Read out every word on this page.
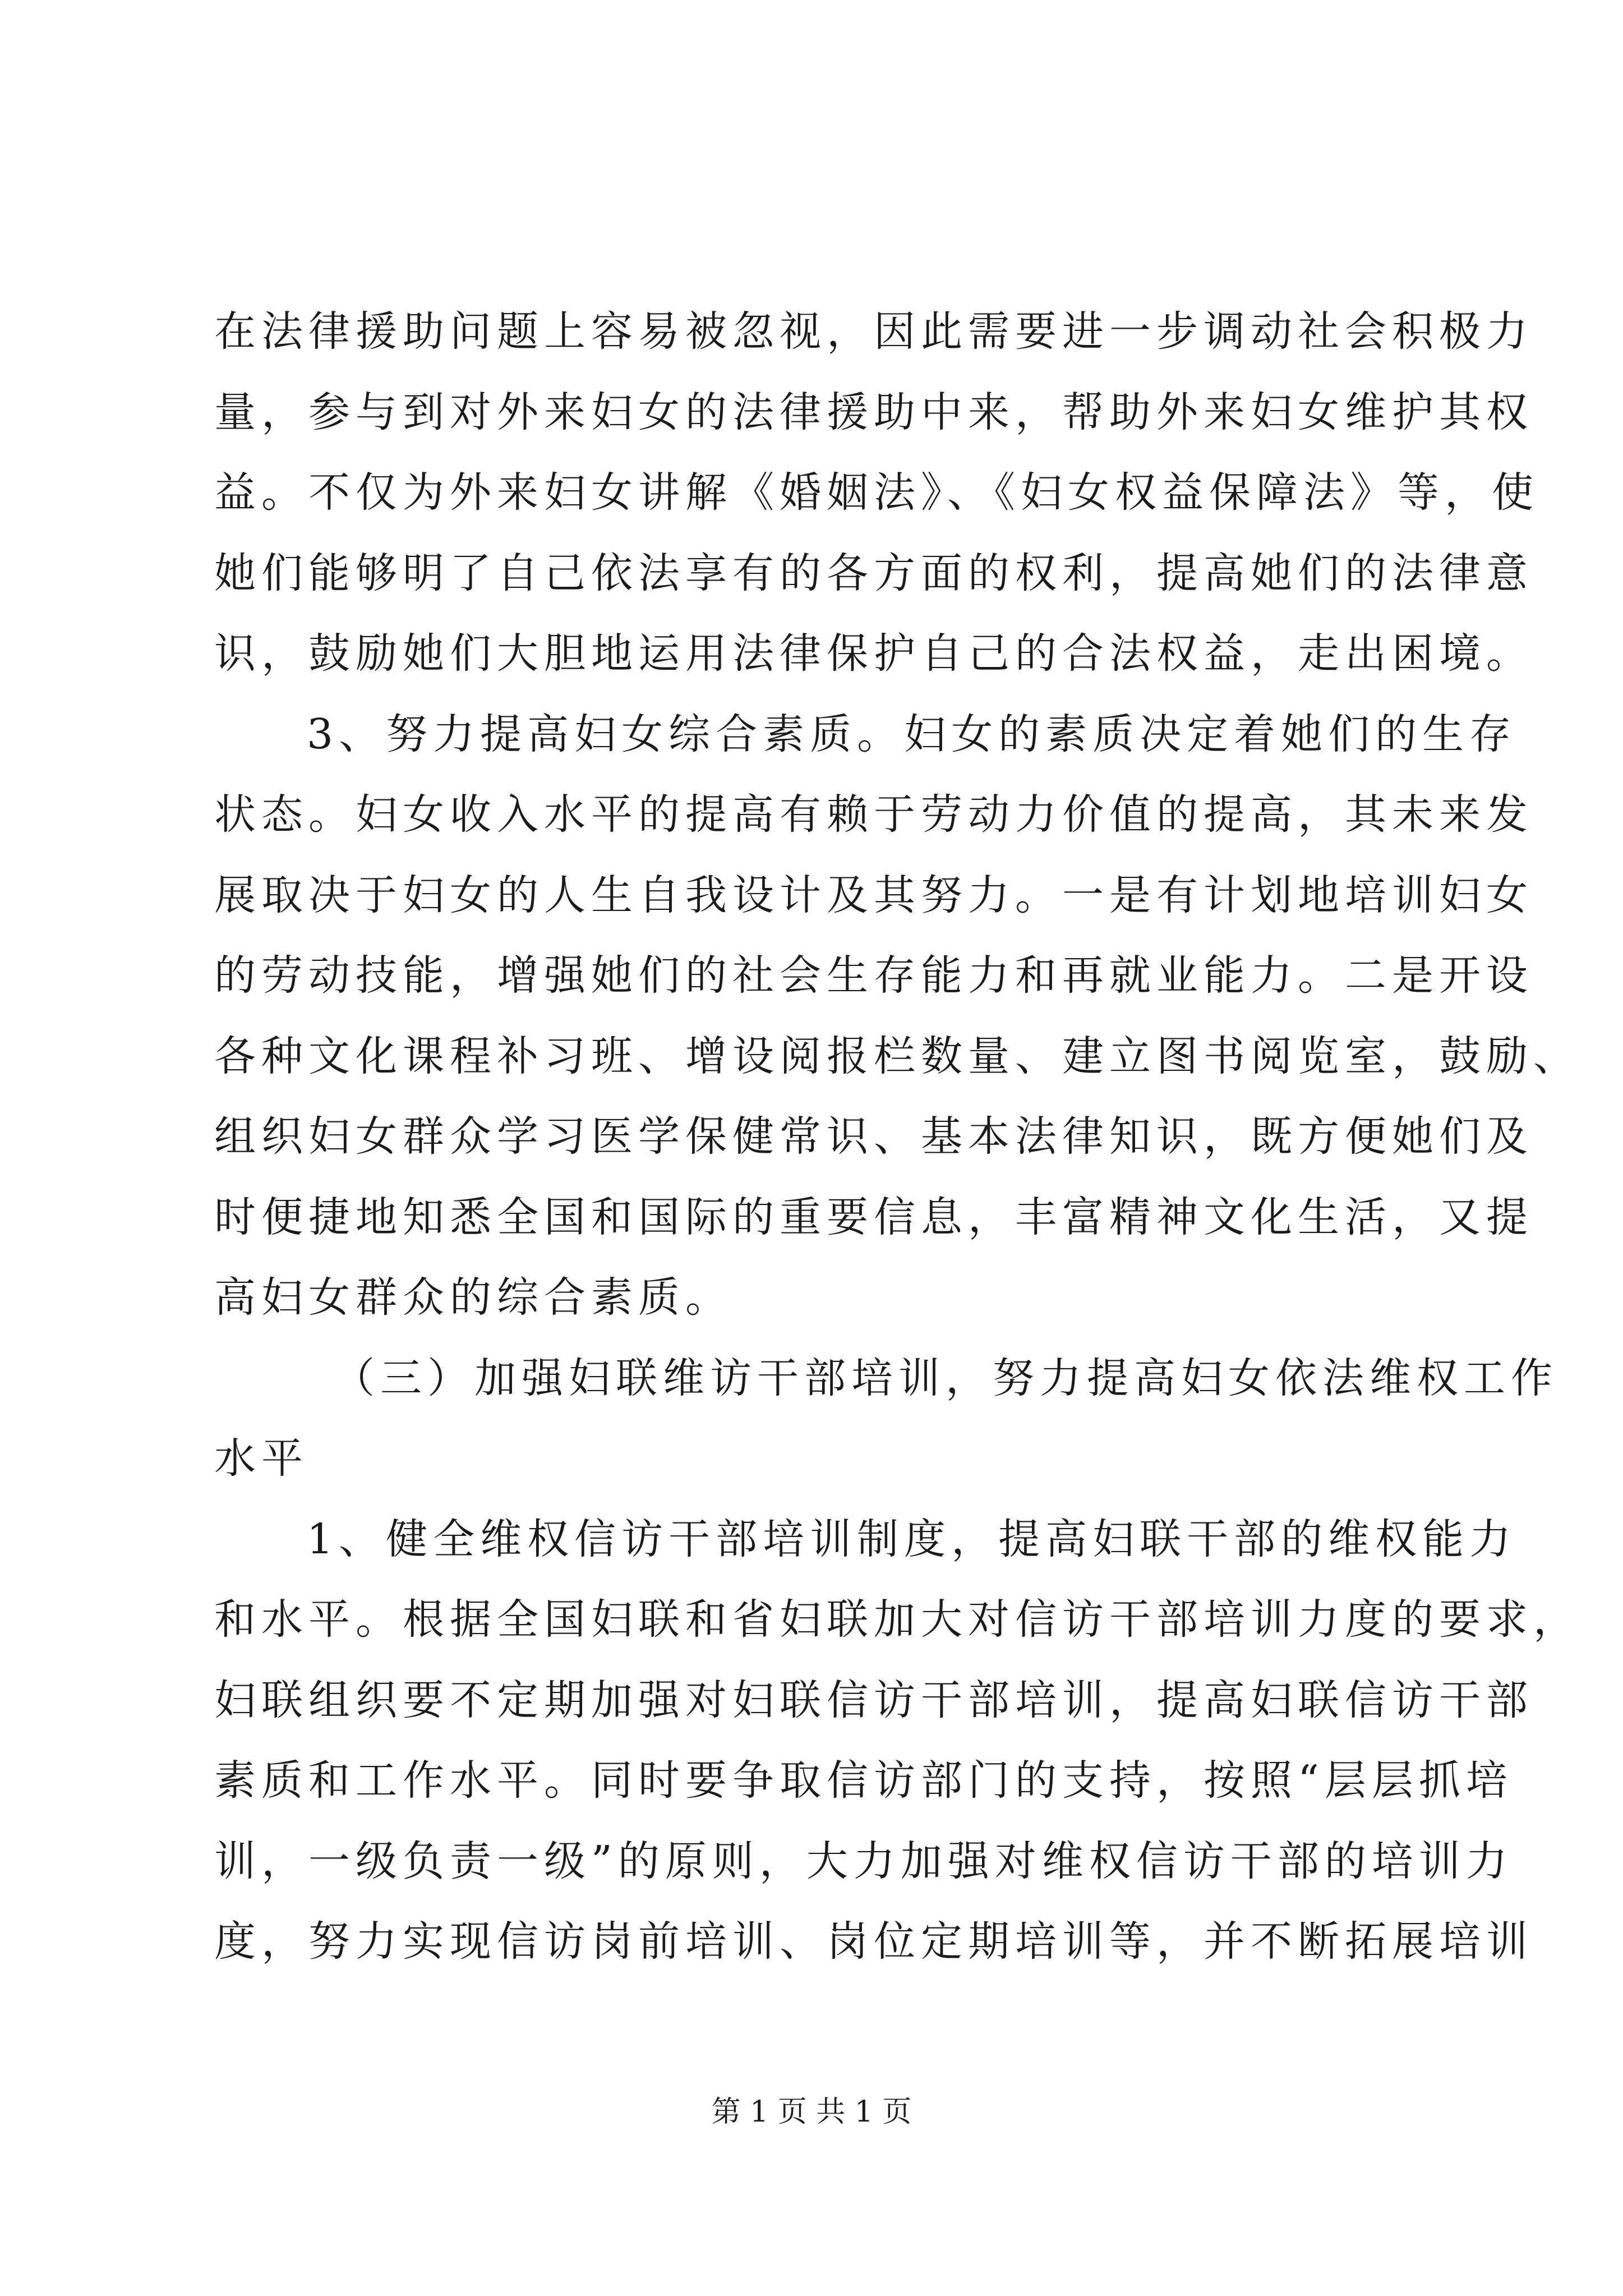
在法律援助问题上容易被忽视，因此需要进一步调动社会积极力
量，参与到对外来妇女的法律援助中来，帮助外来妇女维护其权
益。不仅为外来妇女讲解《婚姻法》、《妇女权益保障法》等，使
她们能够明了自己依法享有的各方面的权利，提高她们的法律意
识，鼓励她们大胆地运用法律保护自己的合法权益，走出困境。
3、努力提高妇女综合素质。妇女的素质决定着她们的生存
状态。妇女收入水平的提高有赖于劳动力价值的提高，其未来发
展取决于妇女的人生自我设计及其努力。一是有计划地培训妇女
的劳动技能，增强她们的社会生存能力和再就业能力。二是开设
各种文化课程补习班、增设阅报栏数量、建立图书阅览室，鼓励、
组织妇女群众学习医学保健常识、基本法律知识，既方便她们及
时便捷地知悉全国和国际的重要信息，丰富精神文化生活，又提
高妇女群众的综合素质。
（三）加强妇联维访干部培训，努力提高妇女依法维权工作
水平
1、健全维权信访干部培训制度，提高妇联干部的维权能力
和水平。根据全国妇联和省妇联加大对信访干部培训力度的要求，
妇联组织要不定期加强对妇联信访干部培训，提高妇联信访干部
素质和工作水平。同时要争取信访部门的支持，按照“层层抓培
训，一级负责一级”的原则，大力加强对维权信访干部的培训力
度，努力实现信访岗前培训、岗位定期培训等，并不断拓展培训
第 1 页 共 1 页
